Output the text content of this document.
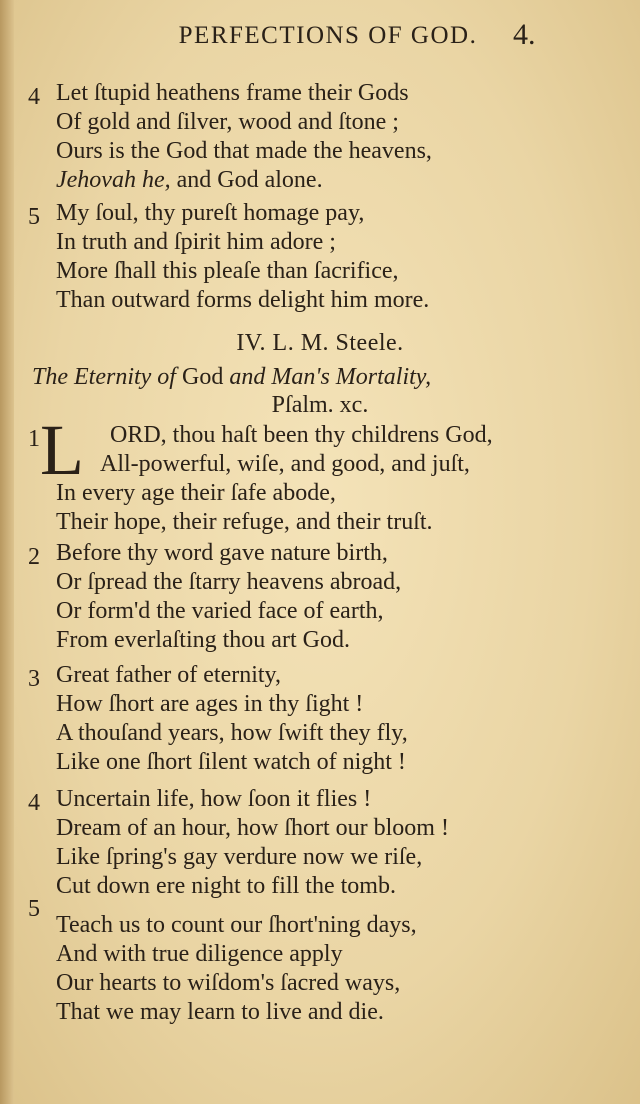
PERFECTIONS OF GOD.	4.
4 Let ſtupid heathens frame their Gods
Of gold and ſilver, wood and ſtone ;
Ours is the God that made the heavens,
Jehovah he, and God alone.
5 My ſoul, thy pureſt homage pay,
In truth and ſpirit him adore ;
More ſhall this pleaſe than ſacrifice,
Than outward forms delight him more.
IV. L. M. Steele.
The Eternity of God and Man's Mortality,
Pſalm. xc.
1	ORD, thou haſt been thy childrens God,
All-powerful, wiſe, and good, and juſt,
In every age their ſafe abode,
Their hope, their refuge, and their truſt.
L
2 Before thy word gave nature birth,
Or ſpread the ſtarry heavens abroad,
Or form'd the varied face of earth,
From everlaſting thou art God.
3 Great father of eternity,
How ſhort are ages in thy ſight !
A thouſand years, how ſwift they fly,
Like one ſhort ſilent watch of night !
4 Uncertain life, how ſoon it flies !
Dream of an hour, how ſhort our bloom !
Like ſpring's gay verdure now we riſe,
Cut down ere night to fill the tomb.
5
Teach us to count our ſhort'ning days,
And with true diligence apply
Our hearts to wiſdom's ſacred ways,
That we may learn to live and die.
